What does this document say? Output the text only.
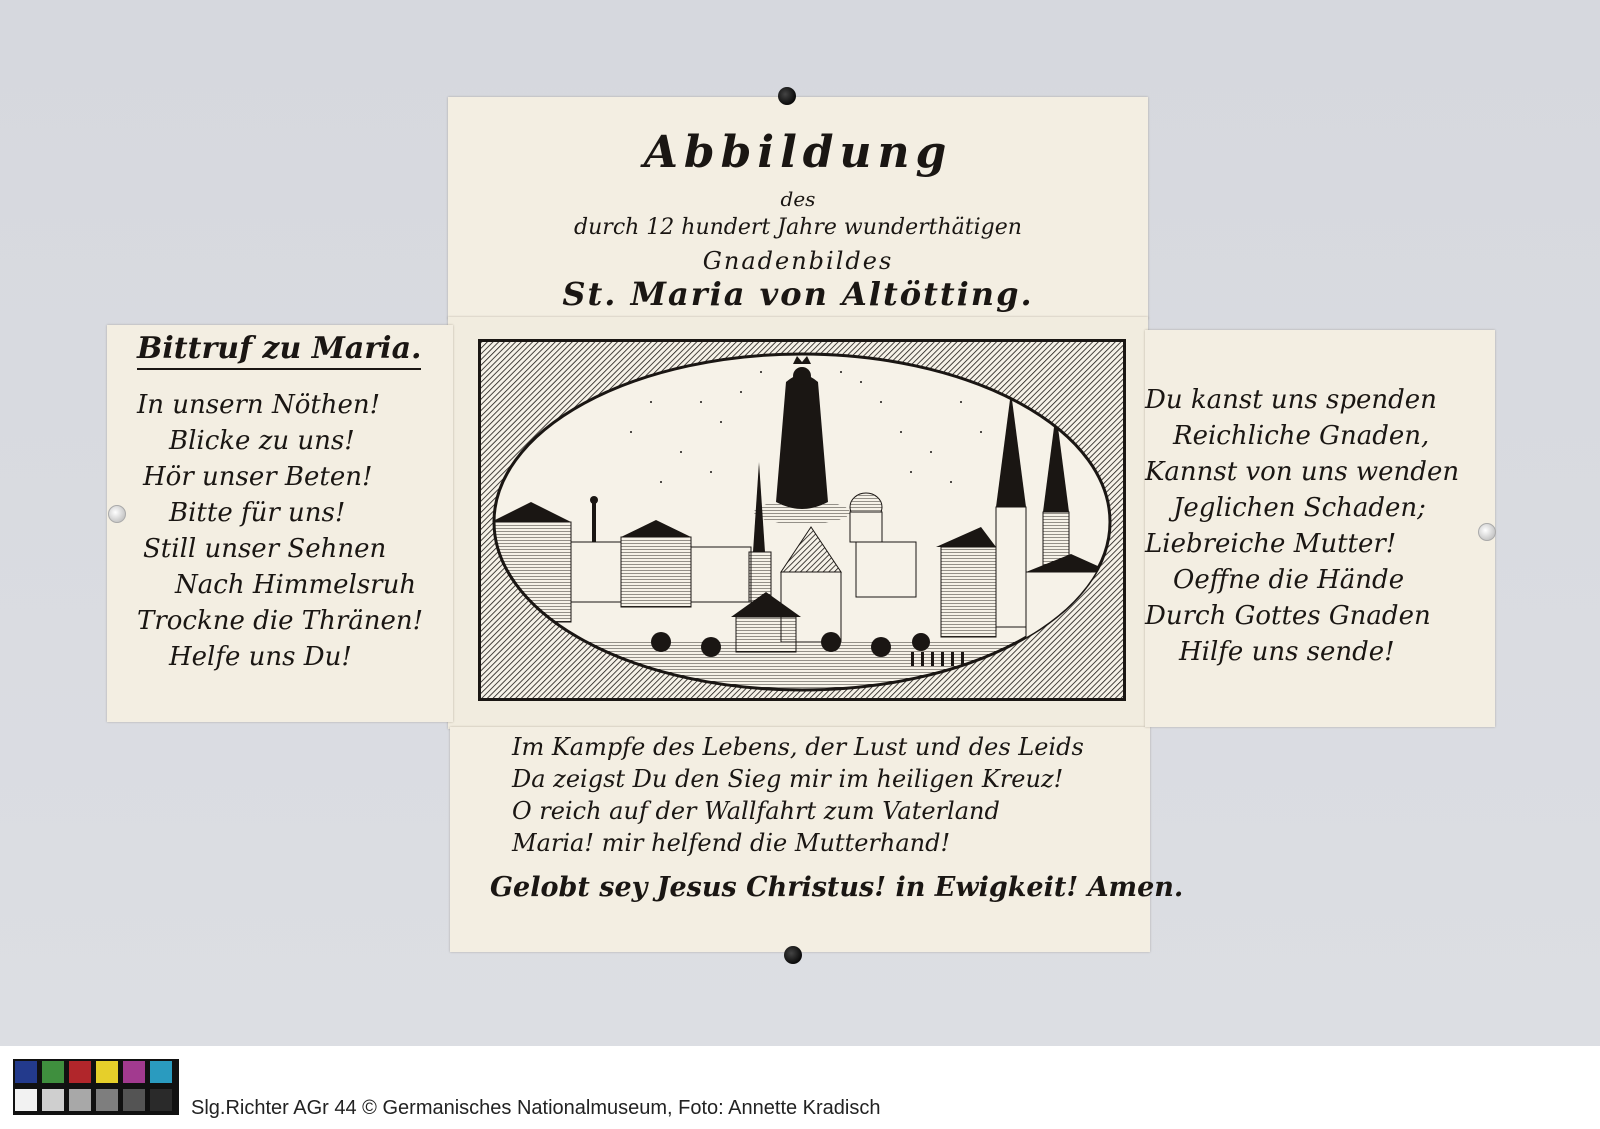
Abbildung
des
durch 12 hundert Jahre wunderthätigen
Gnadenbildes
St. Maria von Altötting.
Im Kampfe des Lebens, der Lust und des Leids
Da zeigst Du den Sieg mir im heiligen Kreuz!
O reich auf der Wallfahrt zum Vaterland
Maria! mir helfend die Mutterhand!
Gelobt sey Jesus Christus! in Ewigkeit! Amen.
Bittruf zu Maria.
In unsern Nöthen!
Blicke zu uns!
Hör unser Beten!
Bitte für uns!
Still unser Sehnen
Nach Himmelsruh
Trockne die Thränen!
Helfe uns Du!
Du kanst uns spenden
Reichliche Gnaden,
Kannst von uns wenden
Jeglichen Schaden;
Liebreiche Mutter!
Oeffne die Hände
Durch Gottes Gnaden
Hilfe uns sende!
Slg.Richter AGr 44 © Germanisches Nationalmuseum, Foto: Annette Kradisch
